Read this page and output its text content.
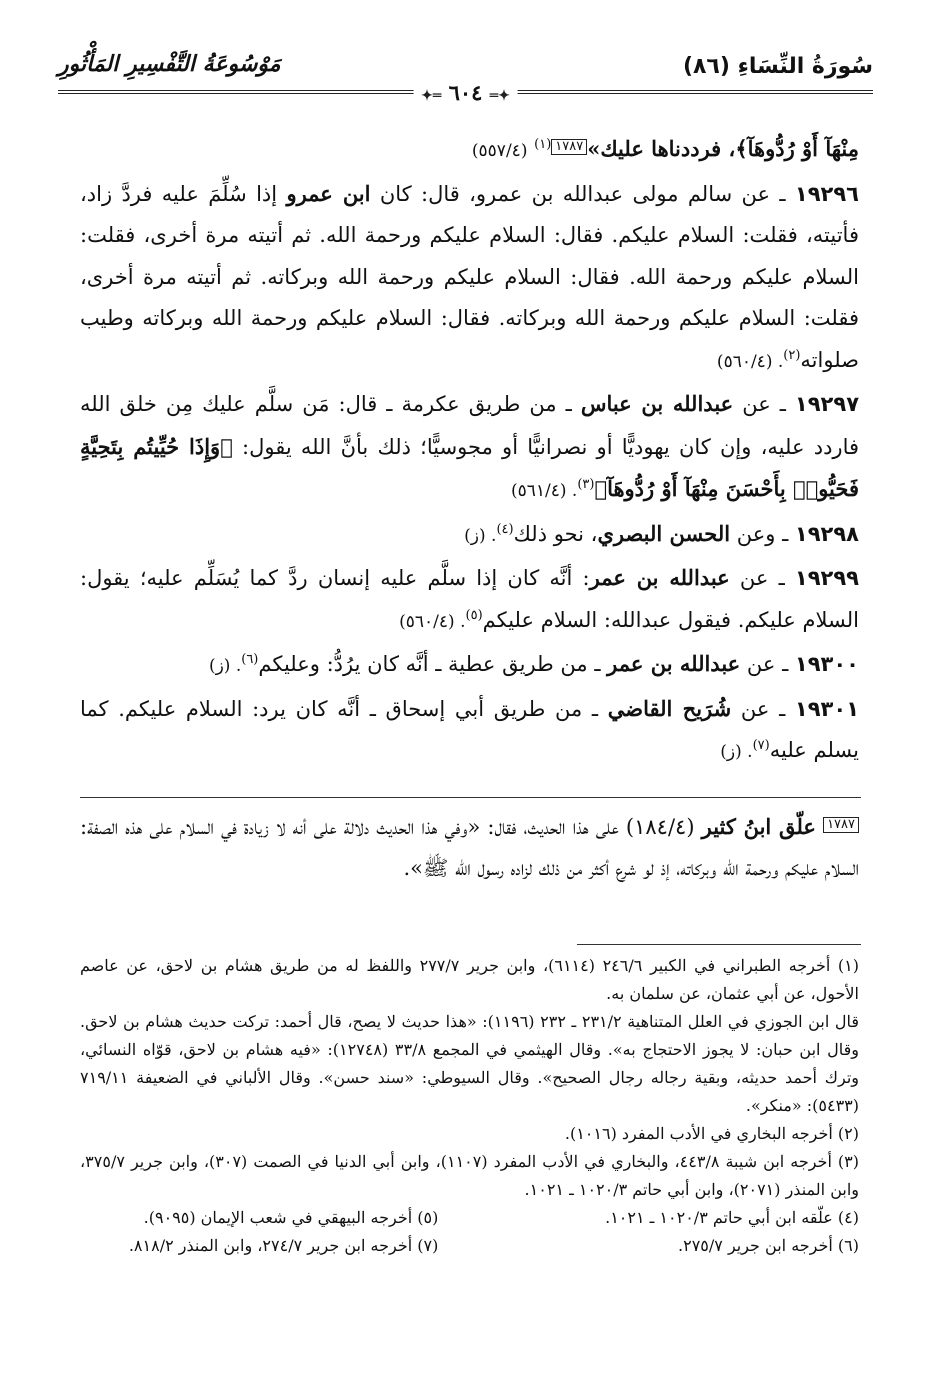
سُورَةُ النِّسَاءِ (٨٦)
مَوْسُوعَةُ التَّفْسِيرِ المَأْثُورِ
✦═ ٦٠٤ ═✦

مِنْهَآ أَوْ رُدُّوهَآ﴾، فرددناها عليك»١٧٨٧$^{(١)}$ (٥٥٧/٤)

١٩٢٩٦ ـ عن سالم مولى عبدالله بن عمرو، قال: كان ابن عمرو إذا سُلِّمَ عليه فردَّ زاد، فأتيته، فقلت: السلام عليكم. فقال: السلام عليكم ورحمة الله. ثم أتيته مرة أخرى، فقلت: السلام عليكم ورحمة الله. فقال: السلام عليكم ورحمة الله وبركاته. ثم أتيته مرة أخرى، فقلت: السلام عليكم ورحمة الله وبركاته. فقال: السلام عليكم ورحمة الله وبركاته وطيب صلواته$^{(٢)}$. (٥٦٠/٤)

١٩٢٩٧ ـ عن عبدالله بن عباس ـ من طريق عكرمة ـ قال: مَن سلَّم عليك مِن خلق الله فاردد عليه، وإن كان يهوديًّا أو نصرانيًّا أو مجوسيًّا؛ ذلك بأنَّ الله يقول: ﴿وَإِذَا حُيِّيتُم بِتَحِيَّةٍ فَحَيُّوا۟ بِأَحْسَنَ مِنْهَآ أَوْ رُدُّوهَآ﴾$^{(٣)}$. (٥٦١/٤)

١٩٢٩٨ ـ وعن الحسن البصري، نحو ذلك$^{(٤)}$. (ز)

١٩٢٩٩ ـ عن عبدالله بن عمر: أنَّه كان إذا سلَّم عليه إنسان ردَّ كما يُسَلِّم عليه؛ يقول: السلام عليكم. فيقول عبدالله: السلام عليكم$^{(٥)}$. (٥٦٠/٤)

١٩٣٠٠ ـ عن عبدالله بن عمر ـ من طريق عطية ـ أنَّه كان يرُدُّ: وعليكم$^{(٦)}$. (ز)

١٩٣٠١ ـ عن شُرَيح القاضي ـ من طريق أبي إسحاق ـ أنَّه كان يرد: السلام عليكم. كما يسلم عليه$^{(٧)}$. (ز)

١٧٨٧ علّق ابنُ كثير (١٨٤/٤) على هذا الحديث، فقال: «وفي هذا الحديث دلالة على أنه لا زيادة في السلام على هذه الصفة: السلام عليكم ورحمة الله وبركاته، إذ لو شرع أكثر من ذلك لزاده رسول الله ﷺ».

(١) أخرجه الطبراني في الكبير ٢٤٦/٦ (٦١١٤)، وابن جرير ٢٧٧/٧ واللفظ له من طريق هشام بن لاحق، عن عاصم الأحول، عن أبي عثمان، عن سلمان به.

قال ابن الجوزي في العلل المتناهية ٢٣١/٢ ـ ٢٣٢ (١١٩٦): «هذا حديث لا يصح، قال أحمد: تركت حديث هشام بن لاحق. وقال ابن حبان: لا يجوز الاحتجاج به». وقال الهيثمي في المجمع ٣٣/٨ (١٢٧٤٨): «فيه هشام بن لاحق، قوّاه النسائي، وترك أحمد حديثه، وبقية رجاله رجال الصحيح». وقال السيوطي: «سند حسن». وقال الألباني في الضعيفة ٧١٩/١١ (٥٤٣٣): «منكر».

(٢) أخرجه البخاري في الأدب المفرد (١٠١٦).

(٣) أخرجه ابن شيبة ٤٤٣/٨، والبخاري في الأدب المفرد (١١٠٧)، وابن أبي الدنيا في الصمت (٣٠٧)، وابن جرير ٣٧٥/٧، وابن المنذر (٢٠٧١)، وابن أبي حاتم ١٠٢٠/٣ ـ ١٠٢١.

(٤) علّقه ابن أبي حاتم ١٠٢٠/٣ ـ ١٠٢١.
(٥) أخرجه البيهقي في شعب الإيمان (٩٠٩٥).
(٦) أخرجه ابن جرير ٢٧٥/٧.
(٧) أخرجه ابن جرير ٢٧٤/٧، وابن المنذر ٨١٨/٢.
